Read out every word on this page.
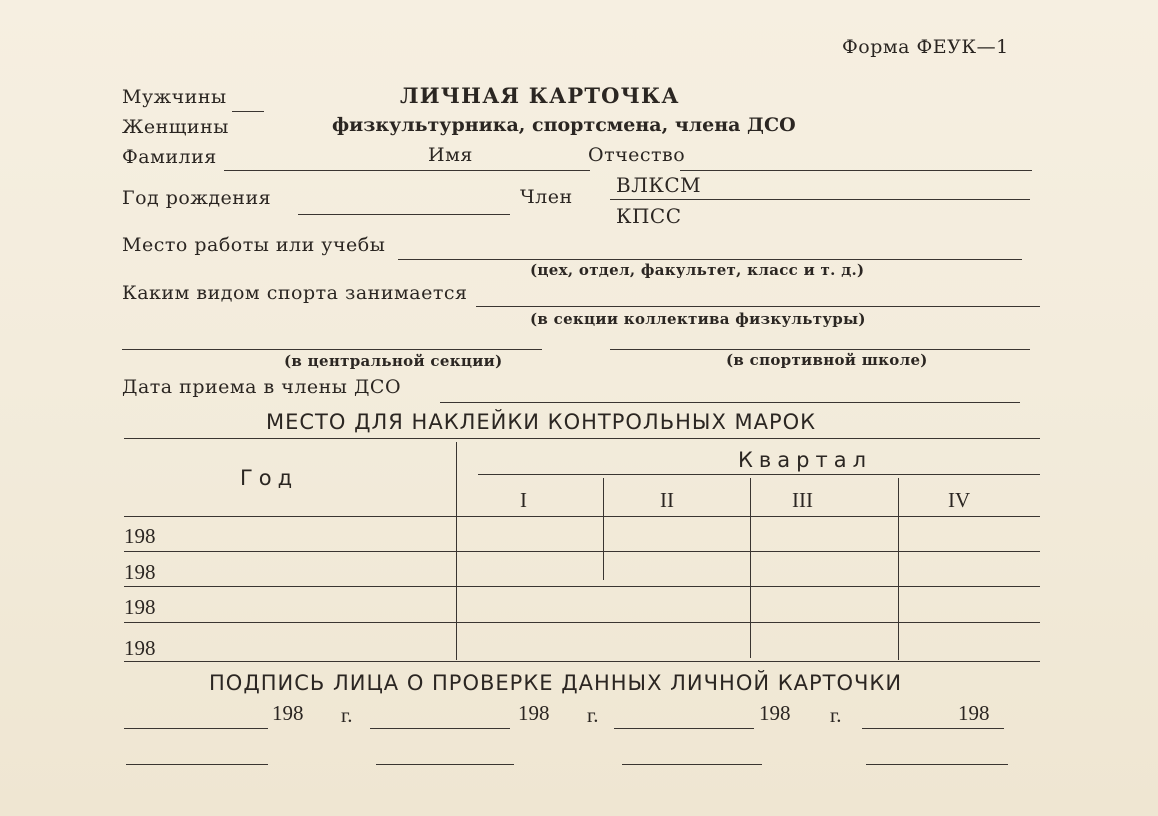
Форма ФЕУК—1
Мужчины
Женщины
ЛИЧНАЯ КАРТОЧКА
физкультурника, спортсмена, члена ДСО
Фамилия	Имя	Отчество
Год рождения	Член ВЛКСМ
КПСС
Место работы или учебы
(цех, отдел, факультет, класс и т. д.)
Каким видом спорта занимается
(в секции коллектива физкультуры)
(в центральной секции)	(в спортивной школе)
Дата приема в члены ДСО
МЕСТО ДЛЯ НАКЛЕЙКИ КОНТРОЛЬНЫХ МАРОК
Год
Квартал
I	II	III	IV
198
198
198
198
ПОДПИСЬ ЛИЦА О ПРОВЕРКЕ ДАННЫХ ЛИЧНОЙ КАРТОЧКИ
198 г.	198 г.	198 г.	198
